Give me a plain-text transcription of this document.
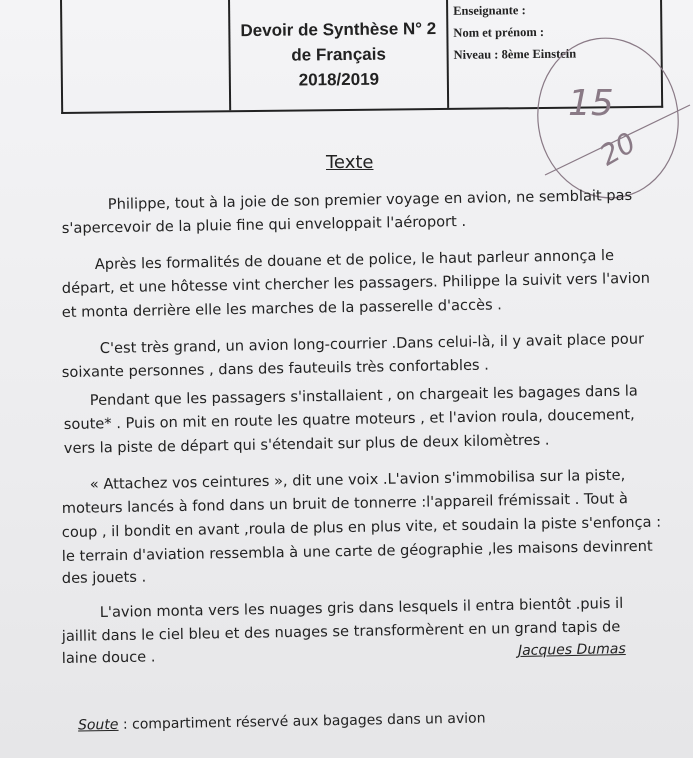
Devoir de Synthèse N° 2
de Français
2018/2019
Enseignante :
Nom et prénom :
Niveau : 8ème Einstein
15
20
Texte
Philippe, tout à la joie de son premier voyage en avion, ne semblait pas
s'apercevoir de la pluie fine qui enveloppait l'aéroport .
Après les formalités de douane et de police, le haut parleur annonça le
départ, et une hôtesse vint chercher les passagers. Philippe la suivit vers l'avion
et monta derrière elle les marches de la passerelle d'accès .
C'est très grand, un avion long-courrier .Dans celui-là, il y avait place pour
soixante personnes , dans des fauteuils très confortables .
Pendant que les passagers s'installaient , on chargeait les bagages dans la
soute* . Puis on mit en route les quatre moteurs , et l'avion roula, doucement,
vers la piste de départ qui s'étendait sur plus de deux kilomètres .
« Attachez vos ceintures », dit une voix .L'avion s'immobilisa sur la piste,
moteurs lancés à fond dans un bruit de tonnerre :l'appareil frémissait . Tout à
coup , il bondit en avant ,roula de plus en plus vite, et soudain la piste s'enfonça :
le terrain d'aviation ressembla à une carte de géographie ,les maisons devinrent
des jouets .
L'avion monta vers les nuages gris dans lesquels il entra bientôt .puis il
jaillit dans le ciel bleu et des nuages se transformèrent en un grand tapis de
laine douce .	Jacques Dumas
Soute : compartiment réservé aux bagages dans un avion
